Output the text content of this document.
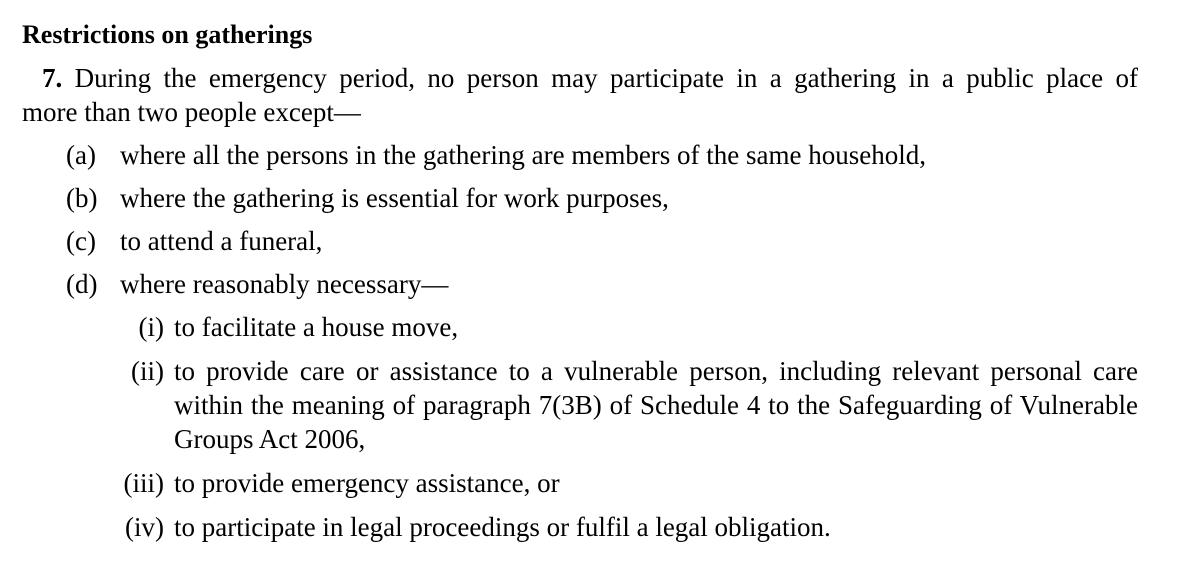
Restrictions on gatherings
7. During the emergency period, no person may participate in a gathering in a public place of
more than two people except—
(a) where all the persons in the gathering are members of the same household,
(b) where the gathering is essential for work purposes,
(c) to attend a funeral,
(d) where reasonably necessary—
(i) to facilitate a house move,
(ii) to provide care or assistance to a vulnerable person, including relevant personal care within the meaning of paragraph 7(3B) of Schedule 4 to the Safeguarding of Vulnerable Groups Act 2006,
(iii) to provide emergency assistance, or
(iv) to participate in legal proceedings or fulfil a legal obligation.
